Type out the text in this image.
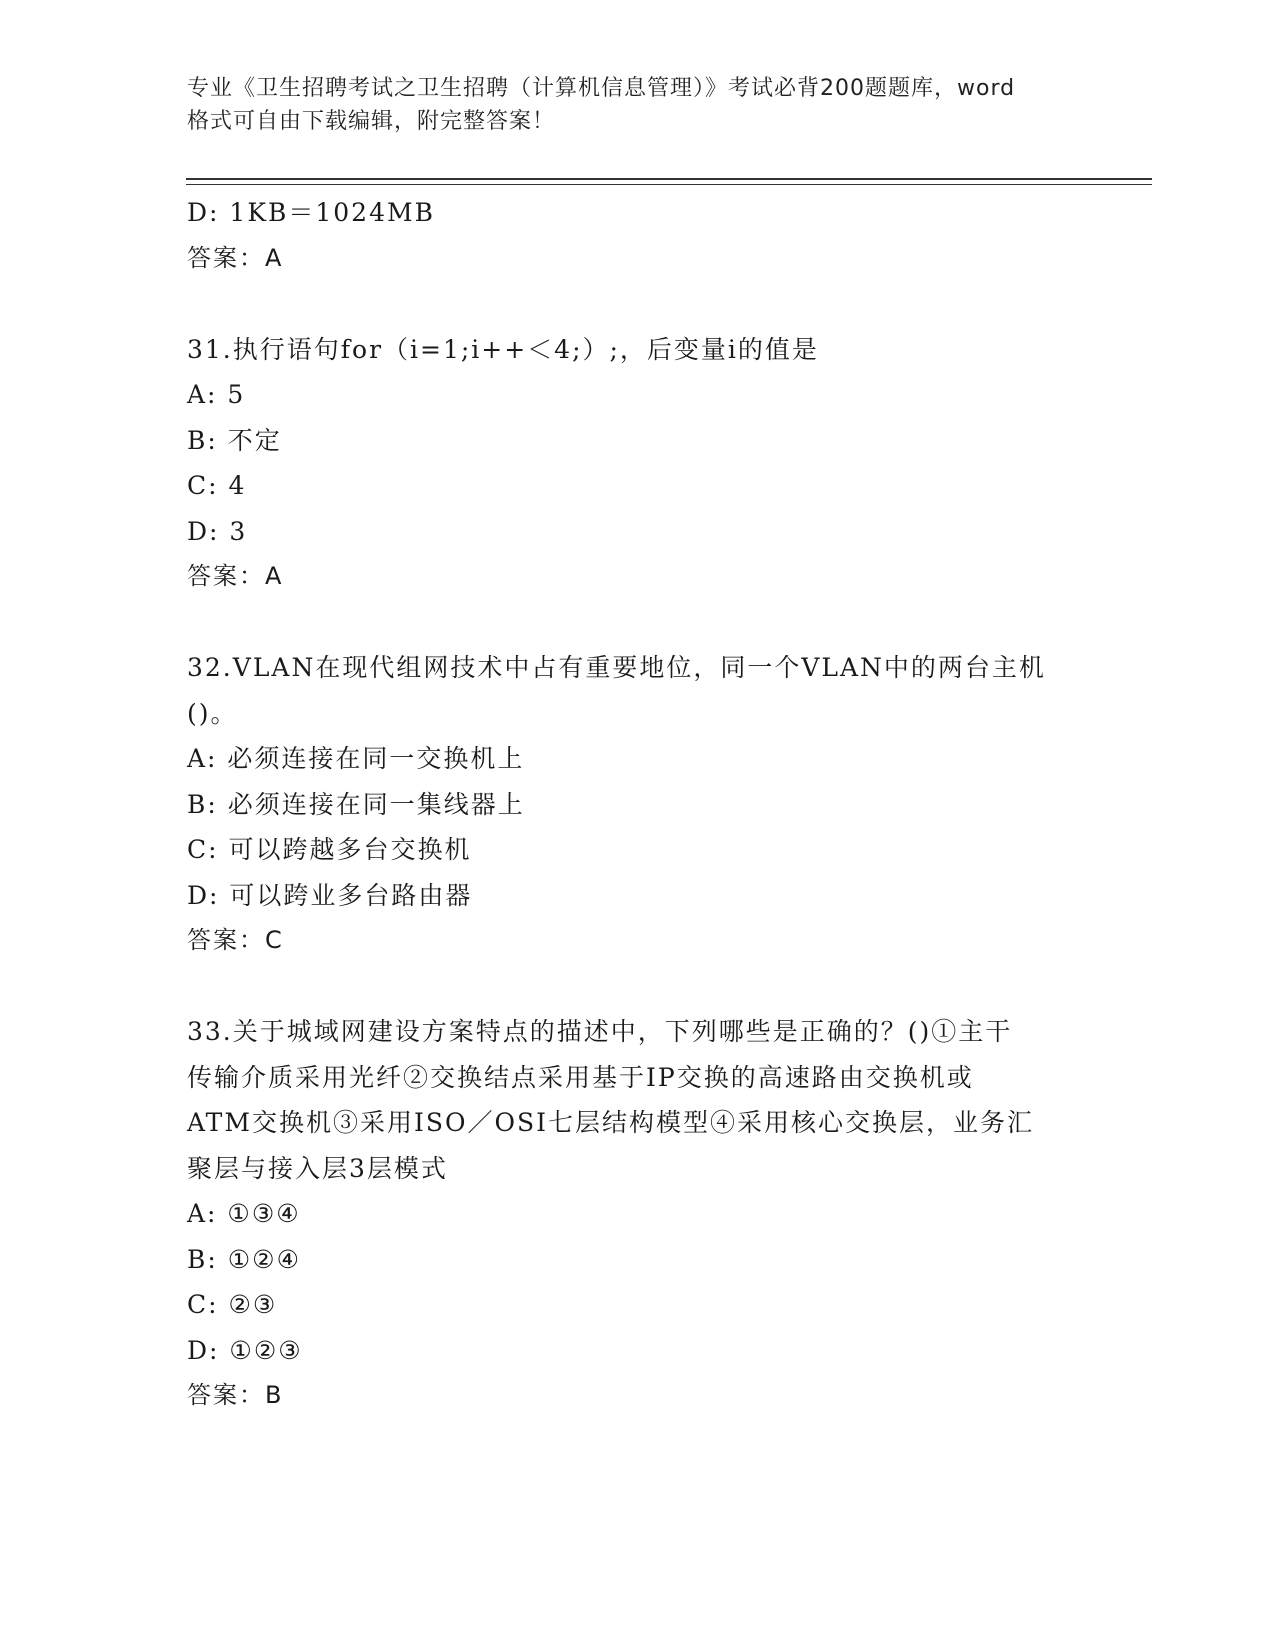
专业《卫生招聘考试之卫生招聘（计算机信息管理）》考试必背200题题库，word
格式可自由下载编辑，附完整答案！
D: 1KB＝1024MB
答案：A
31.执行语句for（i=1;i++＜4;）;，后变量i的值是
A: 5
B: 不定
C: 4
D: 3
答案：A
32.VLAN在现代组网技术中占有重要地位，同一个VLAN中的两台主机
()。
A: 必须连接在同一交换机上
B: 必须连接在同一集线器上
C: 可以跨越多台交换机
D: 可以跨业多台路由器
答案：C
33.关于城域网建设方案特点的描述中，下列哪些是正确的？()①主干
传输介质采用光纤②交换结点采用基于IP交换的高速路由交换机或
ATM交换机③采用ISO／OSI七层结构模型④采用核心交换层，业务汇
聚层与接入层3层模式
A: ①③④
B: ①②④
C: ②③
D: ①②③
答案：B
